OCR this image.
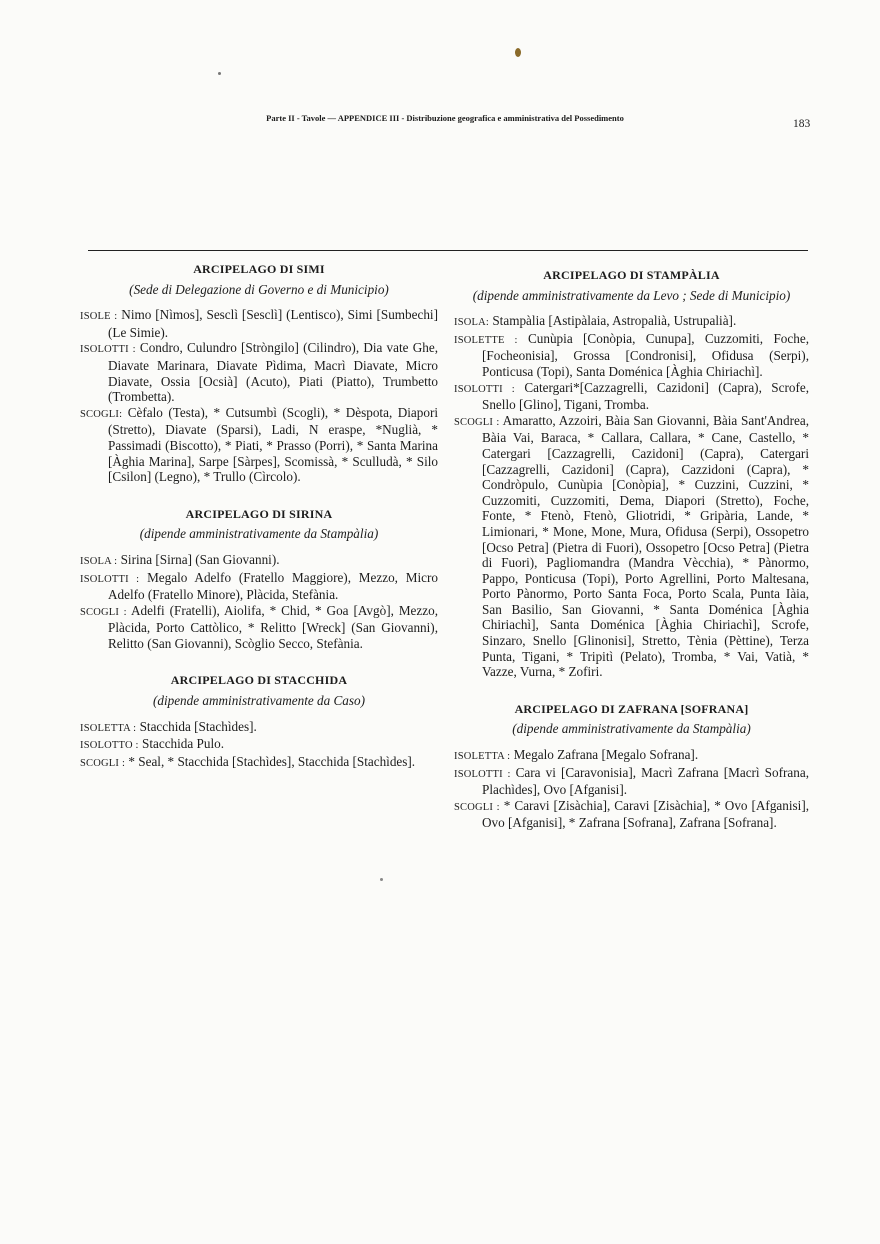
Parte II - Tavole — APPENDICE III - Distribuzione geografica e amministrativa del Possedimento	183
ARCIPELAGO DI SIMI
(Sede di Delegazione di Governo e di Municipio)

ISOLE : Nimo [Nìmos], Sesclì [Sesclì] (Lentisco), Simi [Sumbechi] (Le Simie).

ISOLOTTI : Condro, Culundro [Stròngilo] (Cilindro), Dia vate Ghe, Diavate Marinara, Diavate Pìdima, Macrì Diavate, Micro Diavate, Ossia [Ocsià] (Acuto), Piati (Piatto), Trumbetto (Trombetta).

SCOGLI: Cèfalo (Testa), * Cutsumbì (Scogli), * Dèspota, Diapori (Stretto), Diavate (Sparsi), Ladi, N eraspe, *Nuglià, * Passimadi (Biscotto), * Piati, * Prasso (Porri), * Santa Marina [Àghia Marina], Sarpe [Sàrpes], Scomissà, * Sculludà, * Silo [Csilon] (Legno), * Trullo (Cìrcolo).

ARCIPELAGO DI SIRINA
(dipende amministrativamente da Stampàlia)

ISOLA : Sirina [Sirna] (San Giovanni).

ISOLOTTI : Megalo Adelfo (Fratello Maggiore), Mezzo, Micro Adelfo (Fratello Minore), Plàcida, Stefània.

SCOGLI : Adelfi (Fratelli), Aiolifa, * Chid, * Goa [Avgò], Mezzo, Plàcida, Porto Cattòlico, * Relitto [Wreck] (San Giovanni), Relitto (San Giovanni), Scòglio Secco, Stefània.

ARCIPELAGO DI STACCHIDA
(dipende amministrativamente da Caso)

ISOLETTA : Stacchida [Stachìdes].

ISOLOTTO : Stacchida Pulo.

SCOGLI : * Seal, * Stacchida [Stachìdes], Stacchida [Stachìdes].

ARCIPELAGO DI STAMPÀLIA
(dipende amministrativamente da Levo ; Sede di Municipio)

ISOLA: Stampàlia [Astipàlaia, Astropalià, Ustrupalià].

ISOLETTE : Cunùpia [Conòpia, Cunupa], Cuzzomiti, Foche, [Focheonisia], Grossa [Condronisi], Ofidusa (Serpi), Ponticusa (Topi), Santa Doménica [Àghia Chiriachì].

ISOLOTTI : Catergari*[Cazzagrelli, Cazidoni] (Capra), Scrofe, Snello [Glino], Tigani, Tromba.

SCOGLI : Amaratto, Azzoiri, Bàia San Giovanni, Bàia Sant'Andrea, Bàia Vai, Baraca, * Callara, Callara, * Cane, Castello, * Catergari [Cazzagrelli, Cazidoni] (Capra), Catergari [Cazzagrelli, Cazidoni] (Capra), Cazzidoni (Capra), * Condròpulo, Cunùpia [Conòpia], * Cuzzini, Cuzzini, * Cuzzomiti, Cuzzomiti, Dema, Diapori (Stretto), Foche, Fonte, * Ftenò, Ftenò, Gliotridi, * Gripària, Lande, * Limionari, * Mone, Mone, Mura, Ofidusa (Serpi), Ossopetro [Ocso Petra] (Pietra di Fuori), Ossopetro [Ocso Petra] (Pietra di Fuori), Pagliomandra (Mandra Vècchia), * Pànormo, Pappo, Ponticusa (Topi), Porto Agrellini, Porto Maltesana, Porto Pànormo, Porto Santa Foca, Porto Scala, Punta Iàia, San Basilio, San Giovanni, * Santa Doménica [Àghia Chiriachì], Santa Doménica [Àghia Chiriachì], Scrofe, Sinzaro, Snello [Glinonisi], Stretto, Tènia (Pèttine), Terza Punta, Tigani, * Tripitì (Pelato), Tromba, * Vai, Vatià, * Vazze, Vurna, * Zofiri.

ARCIPELAGO DI ZAFRANA [SOFRANA]
(dipende amministrativamente da Stampàlia)

ISOLETTA : Megalo Zafrana [Megalo Sofrana].

ISOLOTTI : Cara vi [Caravonisia], Macrì Zafrana [Macrì Sofrana, Plachìdes], Ovo [Afganisi].

SCOGLI : * Caravi [Zisàchia], Caravi [Zisàchia], * Ovo [Afganisi], Ovo [Afganisi], * Zafrana [Sofrana], Zafrana [Sofrana].
